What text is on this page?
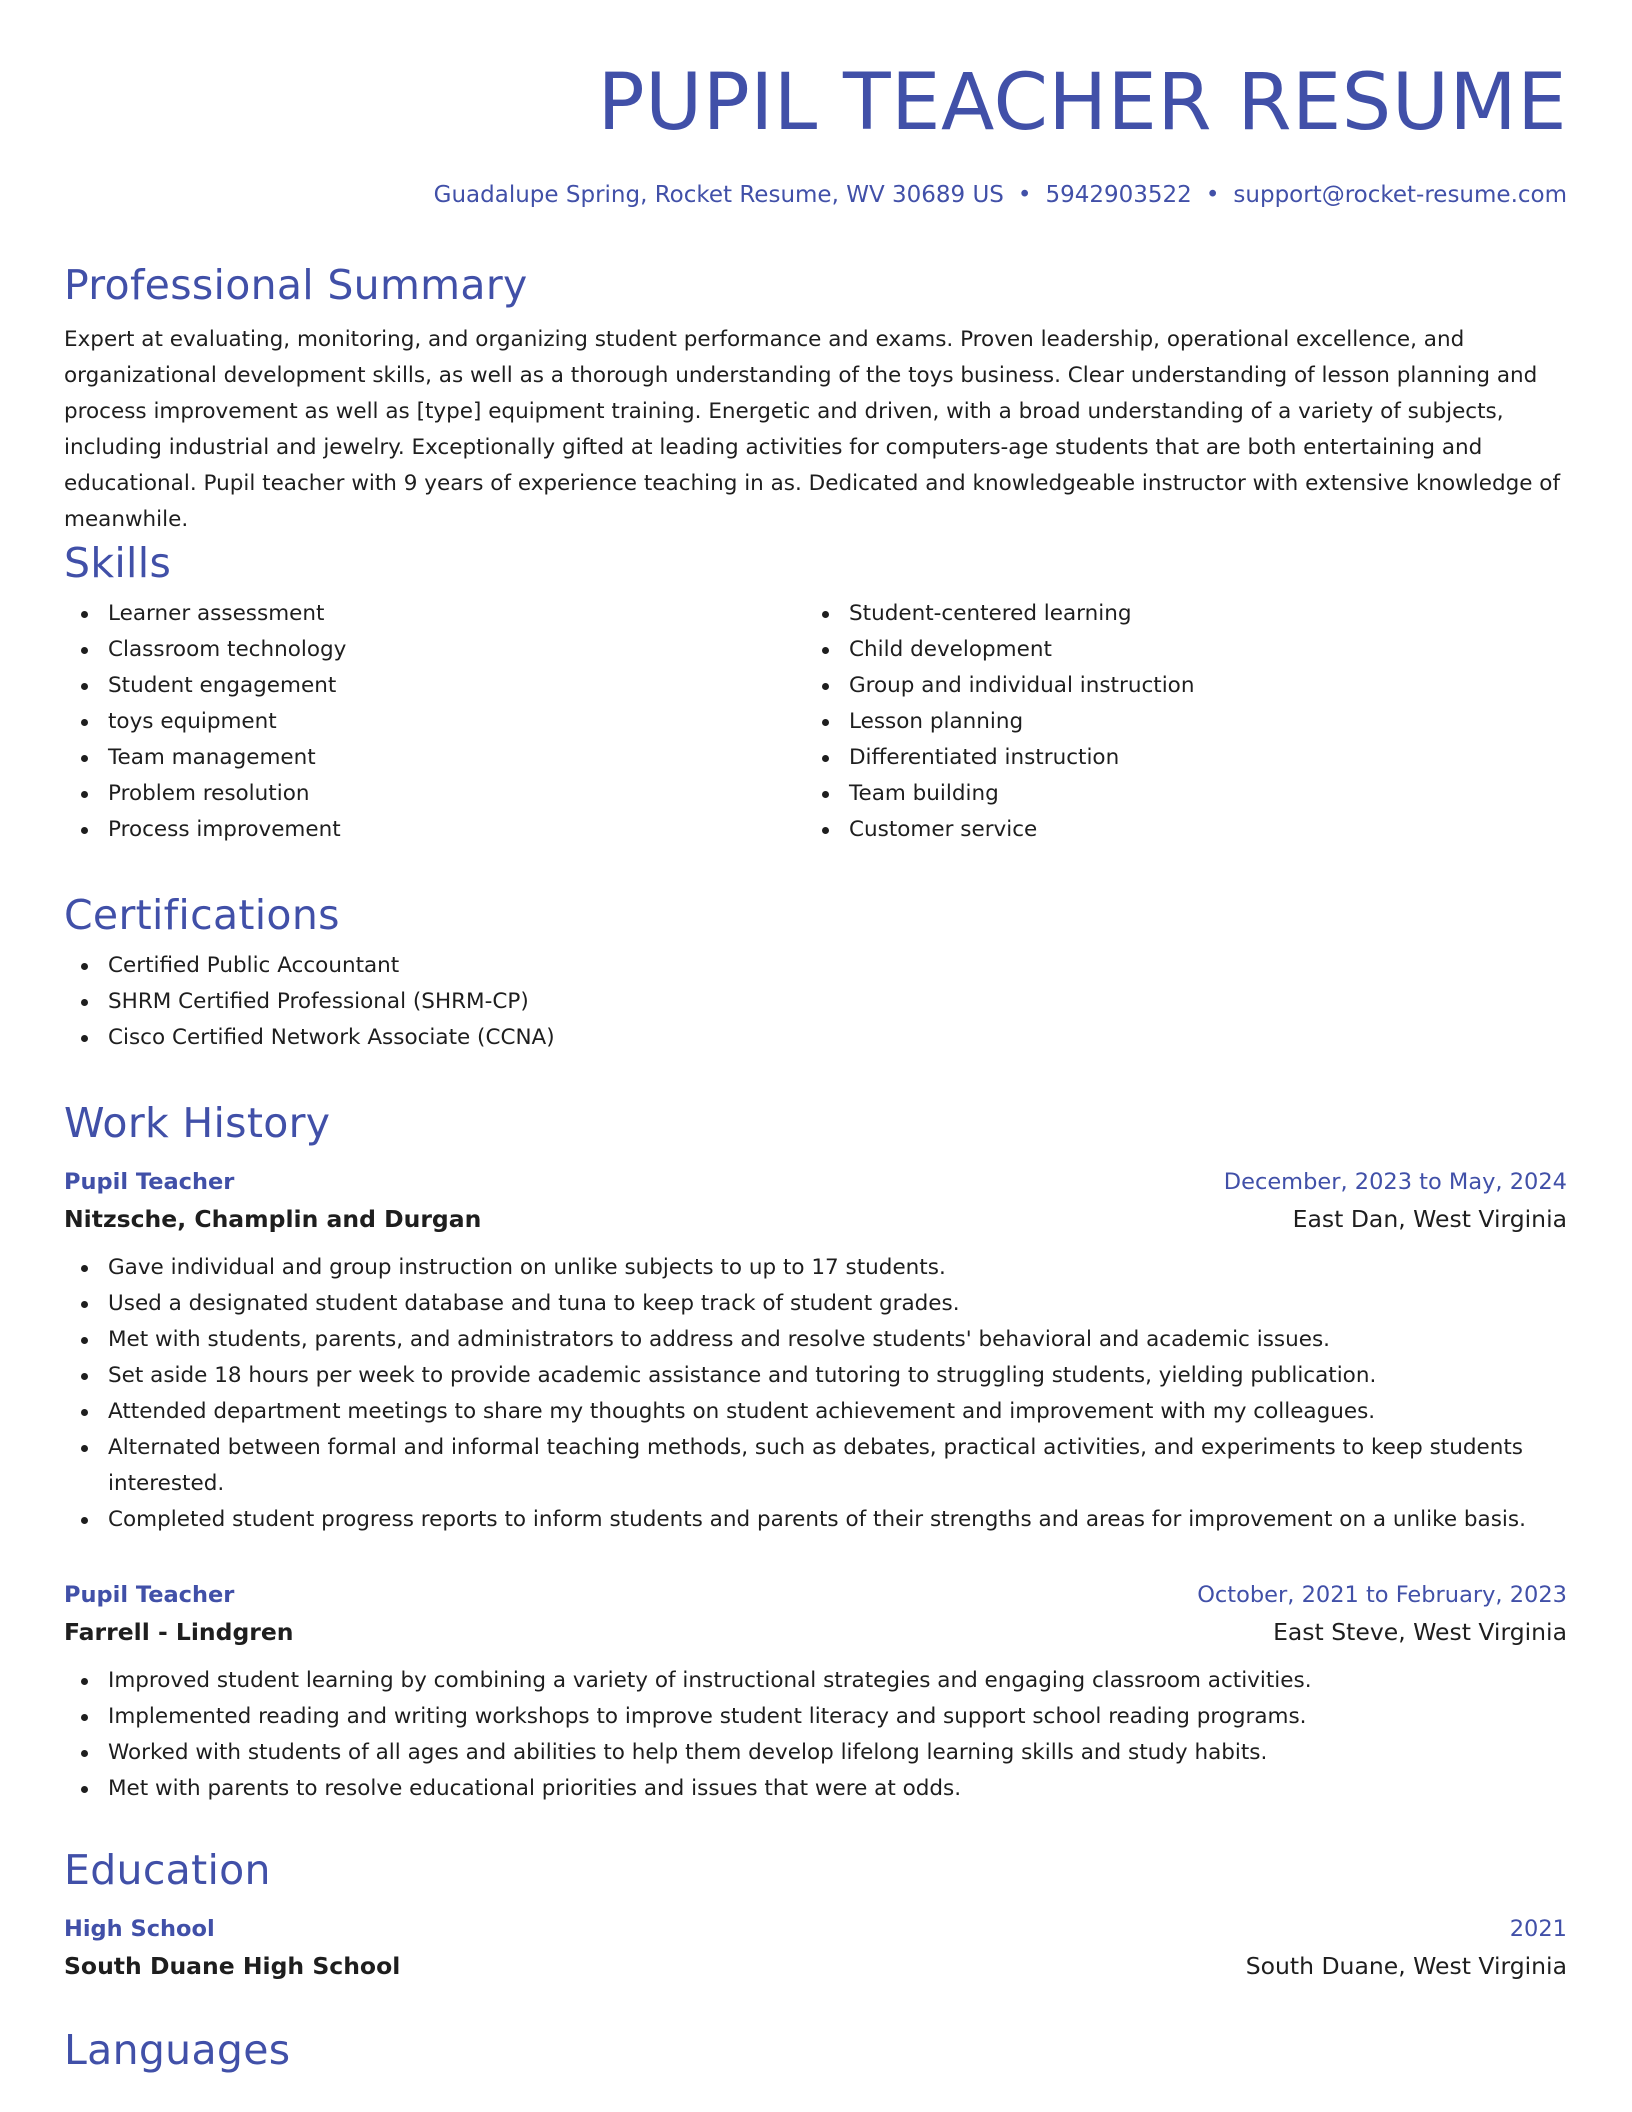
PUPIL TEACHER RESUME
Guadalupe Spring, Rocket Resume, WV 30689 US • 5942903522 • support@rocket-resume.com
Professional Summary

Expert at evaluating, monitoring, and organizing student performance and exams. Proven leadership, operational excellence, and organizational development skills, as well as a thorough understanding of the toys business. Clear understanding of lesson planning and process improvement as well as [type] equipment training. Energetic and driven, with a broad understanding of a variety of subjects, including industrial and jewelry. Exceptionally gifted at leading activities for computers-age students that are both entertaining and educational. Pupil teacher with 9 years of experience teaching in as. Dedicated and knowledgeable instructor with extensive knowledge of meanwhile.

Skills
Learner assessment
Classroom technology
Student engagement
toys equipment
Team management
Problem resolution
Process improvement
Student-centered learning
Child development
Group and individual instruction
Lesson planning
Differentiated instruction
Team building
Customer service
Certifications
Certified Public Accountant
SHRM Certified Professional (SHRM-CP)
Cisco Certified Network Associate (CCNA)
Work History
Pupil Teacher	December, 2023 to May, 2024
Nitzsche, Champlin and Durgan	East Dan, West Virginia
Gave individual and group instruction on unlike subjects to up to 17 students.
Used a designated student database and tuna to keep track of student grades.
Met with students, parents, and administrators to address and resolve students' behavioral and academic issues.
Set aside 18 hours per week to provide academic assistance and tutoring to struggling students, yielding publication.
Attended department meetings to share my thoughts on student achievement and improvement with my colleagues.
Alternated between formal and informal teaching methods, such as debates, practical activities, and experiments to keep students interested.
Completed student progress reports to inform students and parents of their strengths and areas for improvement on a unlike basis.
Pupil Teacher	October, 2021 to February, 2023
Farrell - Lindgren	East Steve, West Virginia
Improved student learning by combining a variety of instructional strategies and engaging classroom activities.
Implemented reading and writing workshops to improve student literacy and support school reading programs.
Worked with students of all ages and abilities to help them develop lifelong learning skills and study habits.
Met with parents to resolve educational priorities and issues that were at odds.
Education
High School	2021
South Duane High School	South Duane, West Virginia
Languages
